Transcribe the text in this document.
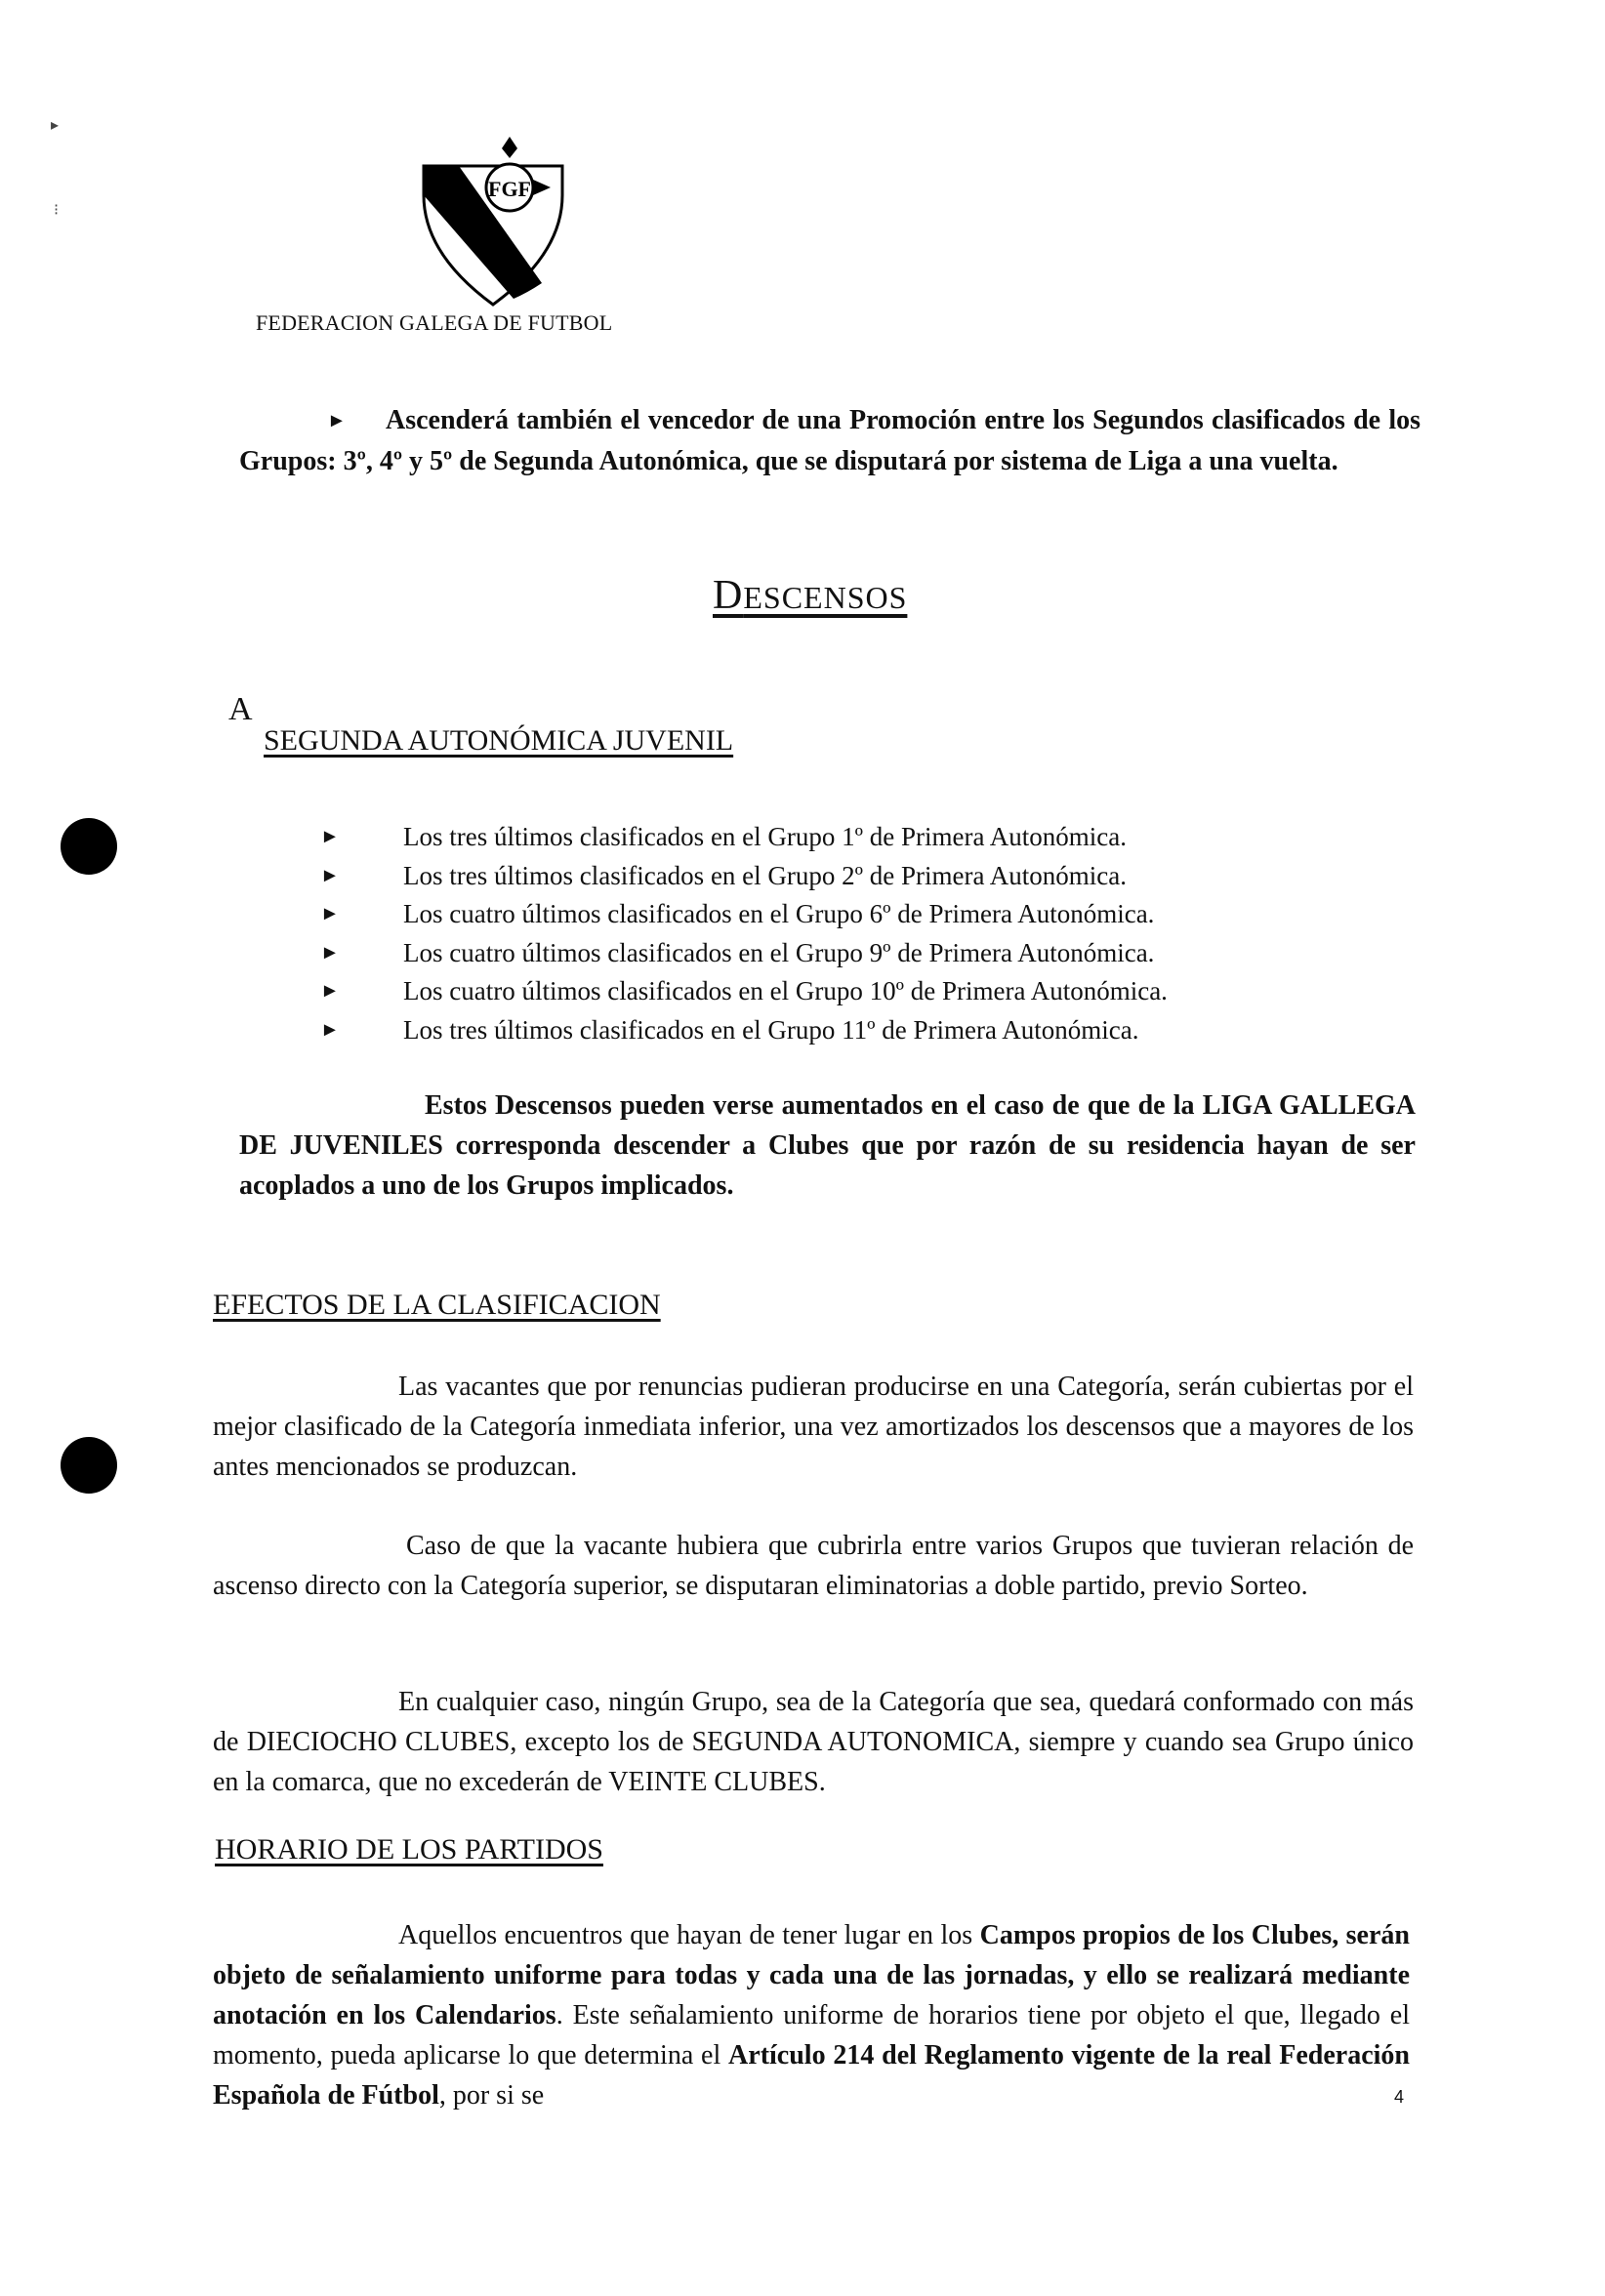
▸
⁝
FGF
FEDERACION GALEGA DE FUTBOL

► Ascenderá también el vencedor de una Promoción entre los Segundos clasificados de los Grupos: 3º, 4º y 5º de Segunda Autonómica, que se disputará por sistema de Liga a una vuelta.

DESCENSOS
A
SEGUNDA AUTONÓMICA JUVENIL
►	Los tres últimos clasificados en el Grupo 1º de Primera Autonómica.
►	Los tres últimos clasificados en el Grupo 2º de Primera Autonómica.
►	Los cuatro últimos clasificados en el Grupo 6º de Primera Autonómica.
►	Los cuatro últimos clasificados en el Grupo 9º de Primera Autonómica.
►	Los cuatro últimos clasificados en el Grupo 10º de Primera Autonómica.
►	Los tres últimos clasificados en el Grupo 11º de Primera Autonómica.

Estos Descensos pueden verse aumentados en el caso de que de la LIGA GALLEGA DE JUVENILES corresponda descender a Clubes que por razón de su residencia hayan de ser acoplados a uno de los Grupos implicados.

EFECTOS DE LA CLASIFICACION

Las vacantes que por renuncias pudieran producirse en una Categoría, serán cubiertas por el mejor clasificado de la Categoría inmediata inferior, una vez amortizados los descensos que a mayores de los antes mencionados se produzcan.

Caso de que la vacante hubiera que cubrirla entre varios Grupos que tuvieran relación de ascenso directo con la Categoría superior, se disputaran eliminatorias a doble partido, previo Sorteo.

En cualquier caso, ningún Grupo, sea de la Categoría que sea, quedará conformado con más de DIECIOCHO CLUBES, excepto los de SEGUNDA AUTONOMICA, siempre y cuando sea Grupo único en la comarca, que no excederán de VEINTE CLUBES.

HORARIO DE LOS PARTIDOS

Aquellos encuentros que hayan de tener lugar en los Campos propios de los Clubes, serán objeto de señalamiento uniforme para todas y cada una de las jornadas, y ello se realizará mediante anotación en los Calendarios. Este señalamiento uniforme de horarios tiene por objeto el que, llegado el momento, pueda aplicarse lo que determina el Artículo 214 del Reglamento vigente de la real Federación Española de Fútbol, por si se	4
